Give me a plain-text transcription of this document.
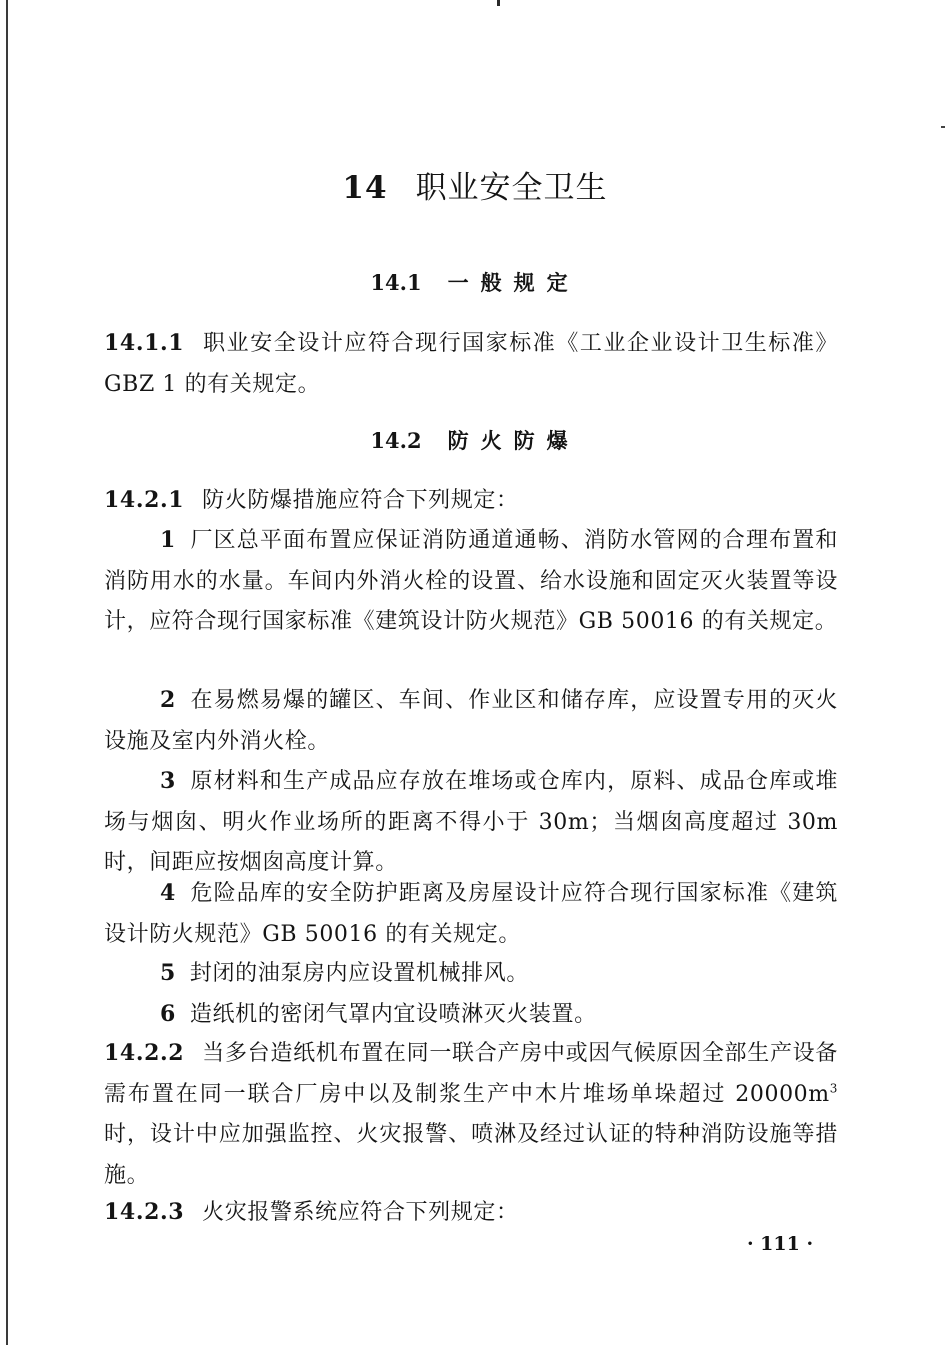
14 职业安全卫生
14.1 一般规定
14.1.1 职业安全设计应符合现行国家标准《工业企业设计卫生标准》GBZ 1 的有关规定。
14.2 防火防爆
14.2.1 防火防爆措施应符合下列规定：
1 厂区总平面布置应保证消防通道通畅、消防水管网的合理布置和消防用水的水量。车间内外消火栓的设置、给水设施和固定灭火装置等设计，应符合现行国家标准《建筑设计防火规范》GB 50016 的有关规定。
2 在易燃易爆的罐区、车间、作业区和储存库，应设置专用的灭火设施及室内外消火栓。
3 原材料和生产成品应存放在堆场或仓库内，原料、成品仓库或堆场与烟囱、明火作业场所的距离不得小于 30m；当烟囱高度超过 30m 时，间距应按烟囱高度计算。
4 危险品库的安全防护距离及房屋设计应符合现行国家标准《建筑设计防火规范》GB 50016 的有关规定。
5 封闭的油泵房内应设置机械排风。
6 造纸机的密闭气罩内宜设喷淋灭火装置。
14.2.2 当多台造纸机布置在同一联合产房中或因气候原因全部生产设备需布置在同一联合厂房中以及制浆生产中木片堆场单垛超过 $20000m^3$时，设计中应加强监控、火灾报警、喷淋及经过认证的特种消防设施等措施。
14.2.3 火灾报警系统应符合下列规定：
· 111 ·
